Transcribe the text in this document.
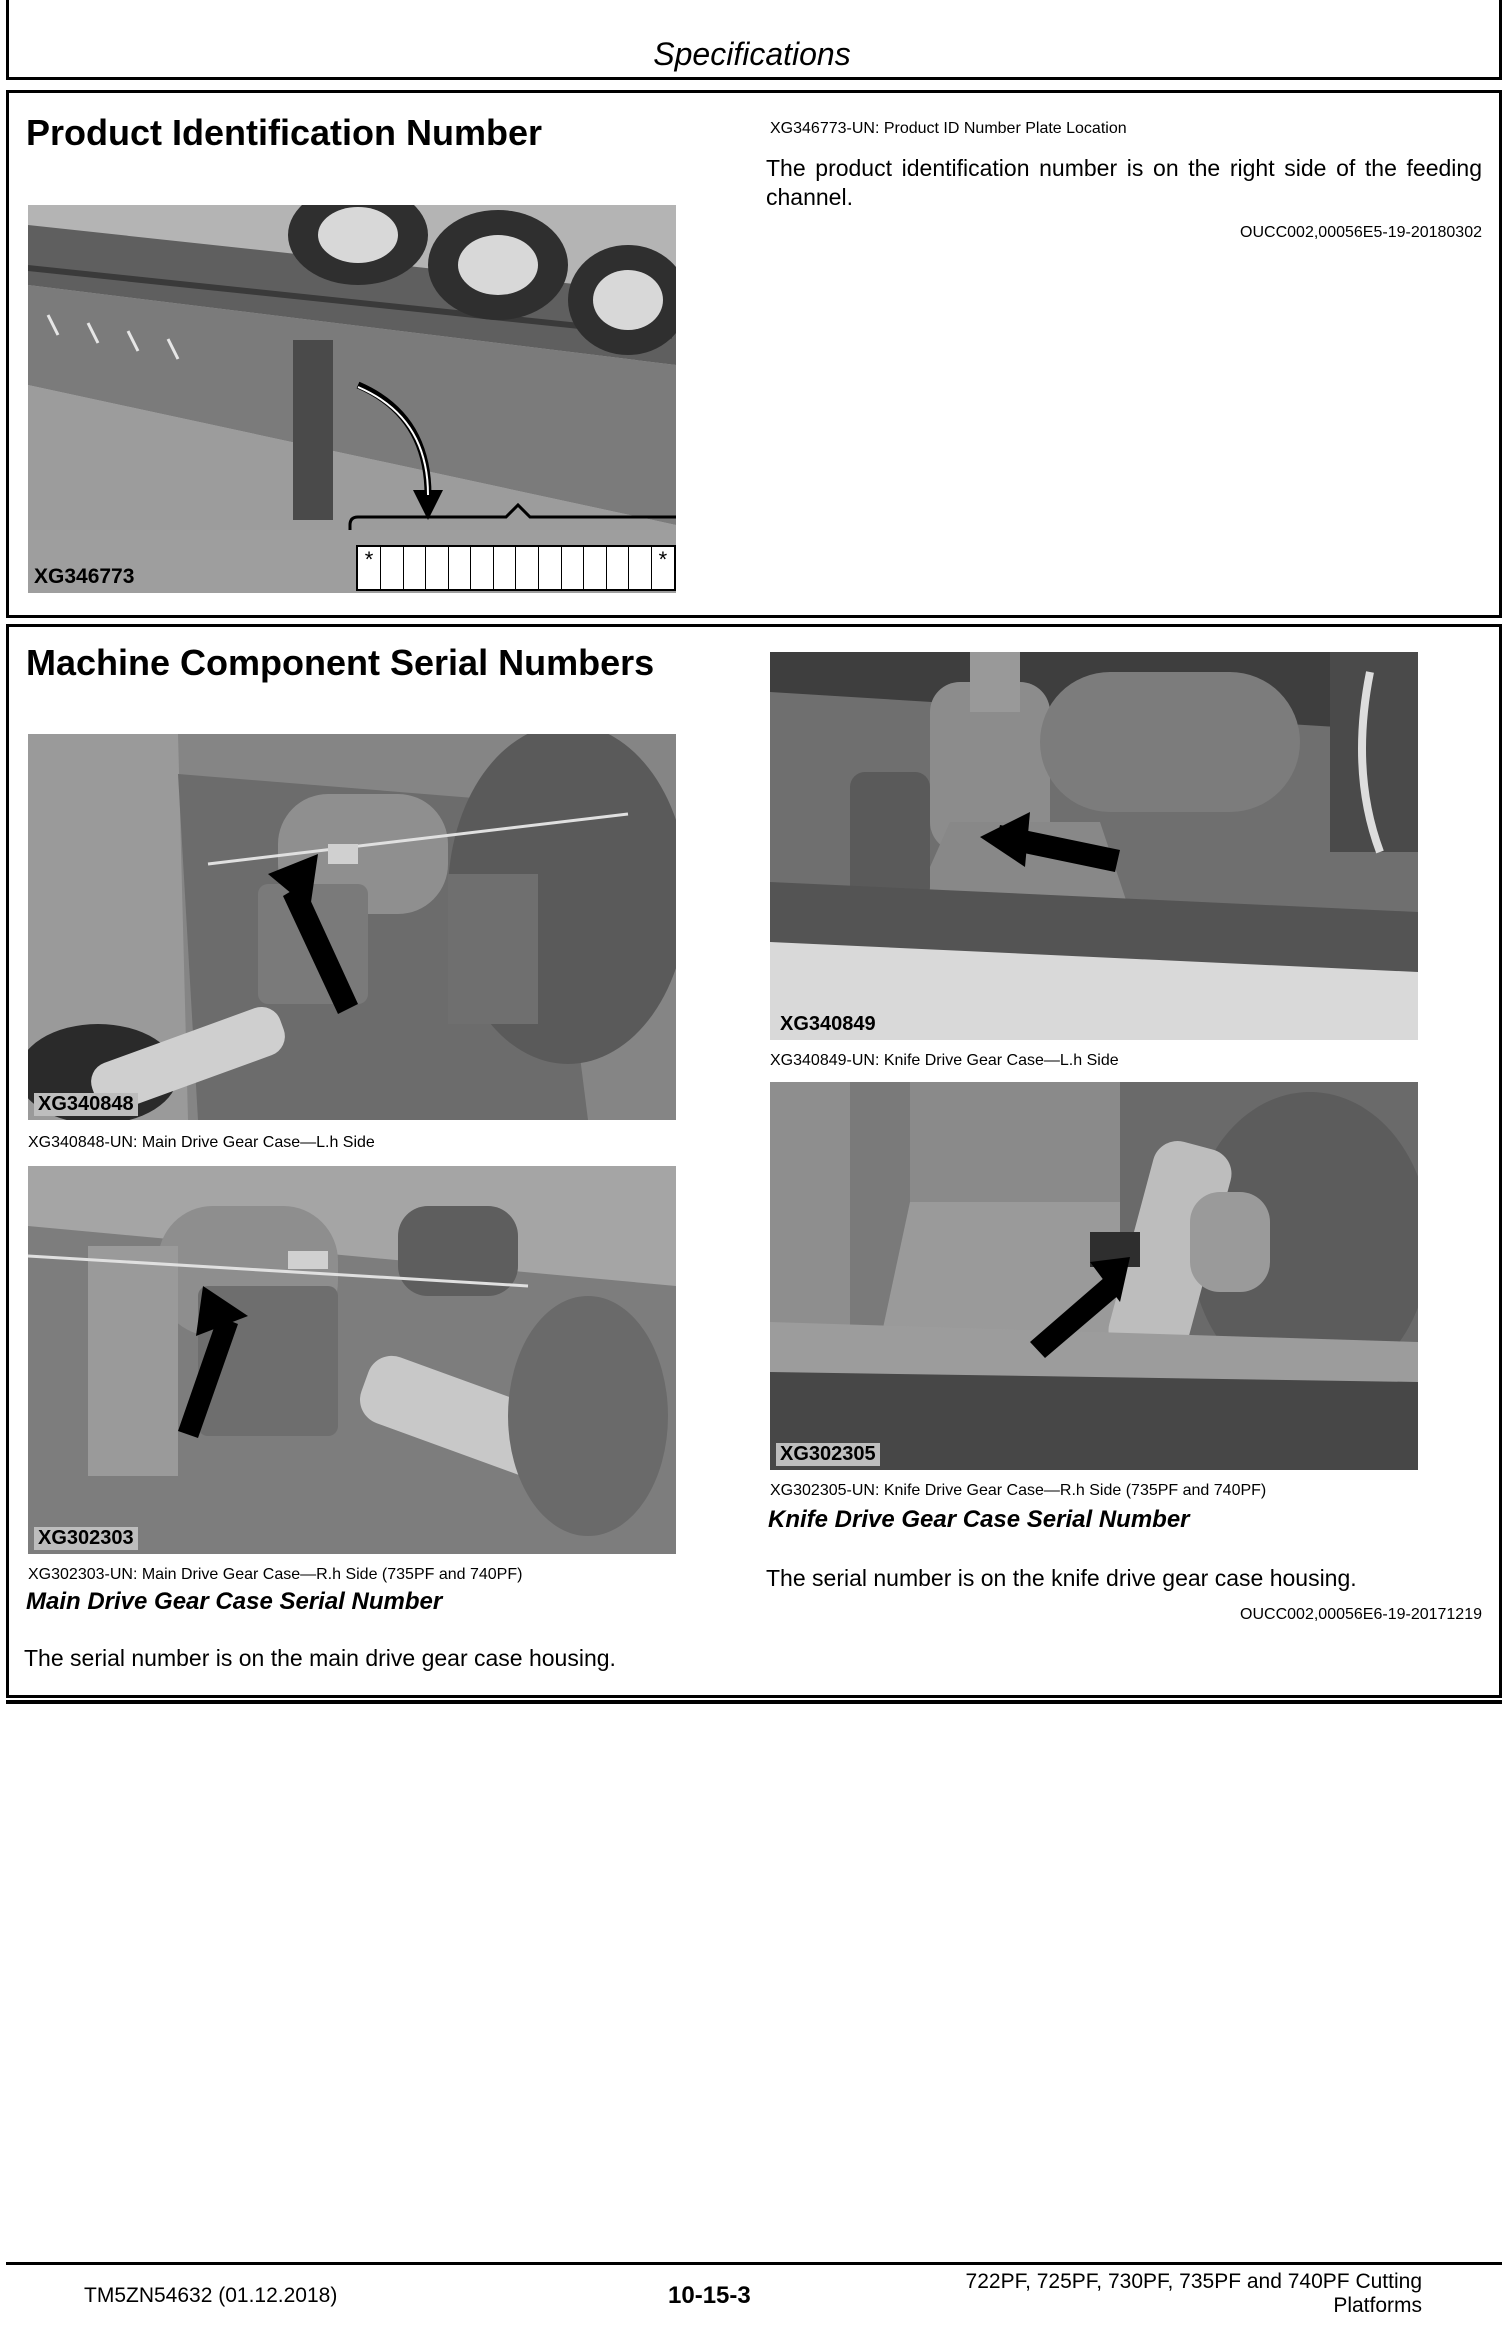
Specifications
Product Identification Number
*	*
XG346773
XG346773-UN: Product ID Number Plate Location
The product identification number is on the right side of the feeding channel.
OUCC002,00056E5-19-20180302
Machine Component Serial Numbers
XG340848
XG340848-UN: Main Drive Gear Case—L.h Side
XG302303
XG302303-UN: Main Drive Gear Case—R.h Side (735PF and 740PF)
XG340849
XG340849-UN: Knife Drive Gear Case—L.h Side
XG302305
XG302305-UN: Knife Drive Gear Case—R.h Side (735PF and 740PF)
Knife Drive Gear Case Serial Number
The serial number is on the knife drive gear case housing.
OUCC002,00056E6-19-20171219
Main Drive Gear Case Serial Number
The serial number is on the main drive gear case housing.
TM5ZN54632 (01.12.2018)	10-15-3
722PF, 725PF, 730PF, 735PF and 740PF Cutting
Platforms
